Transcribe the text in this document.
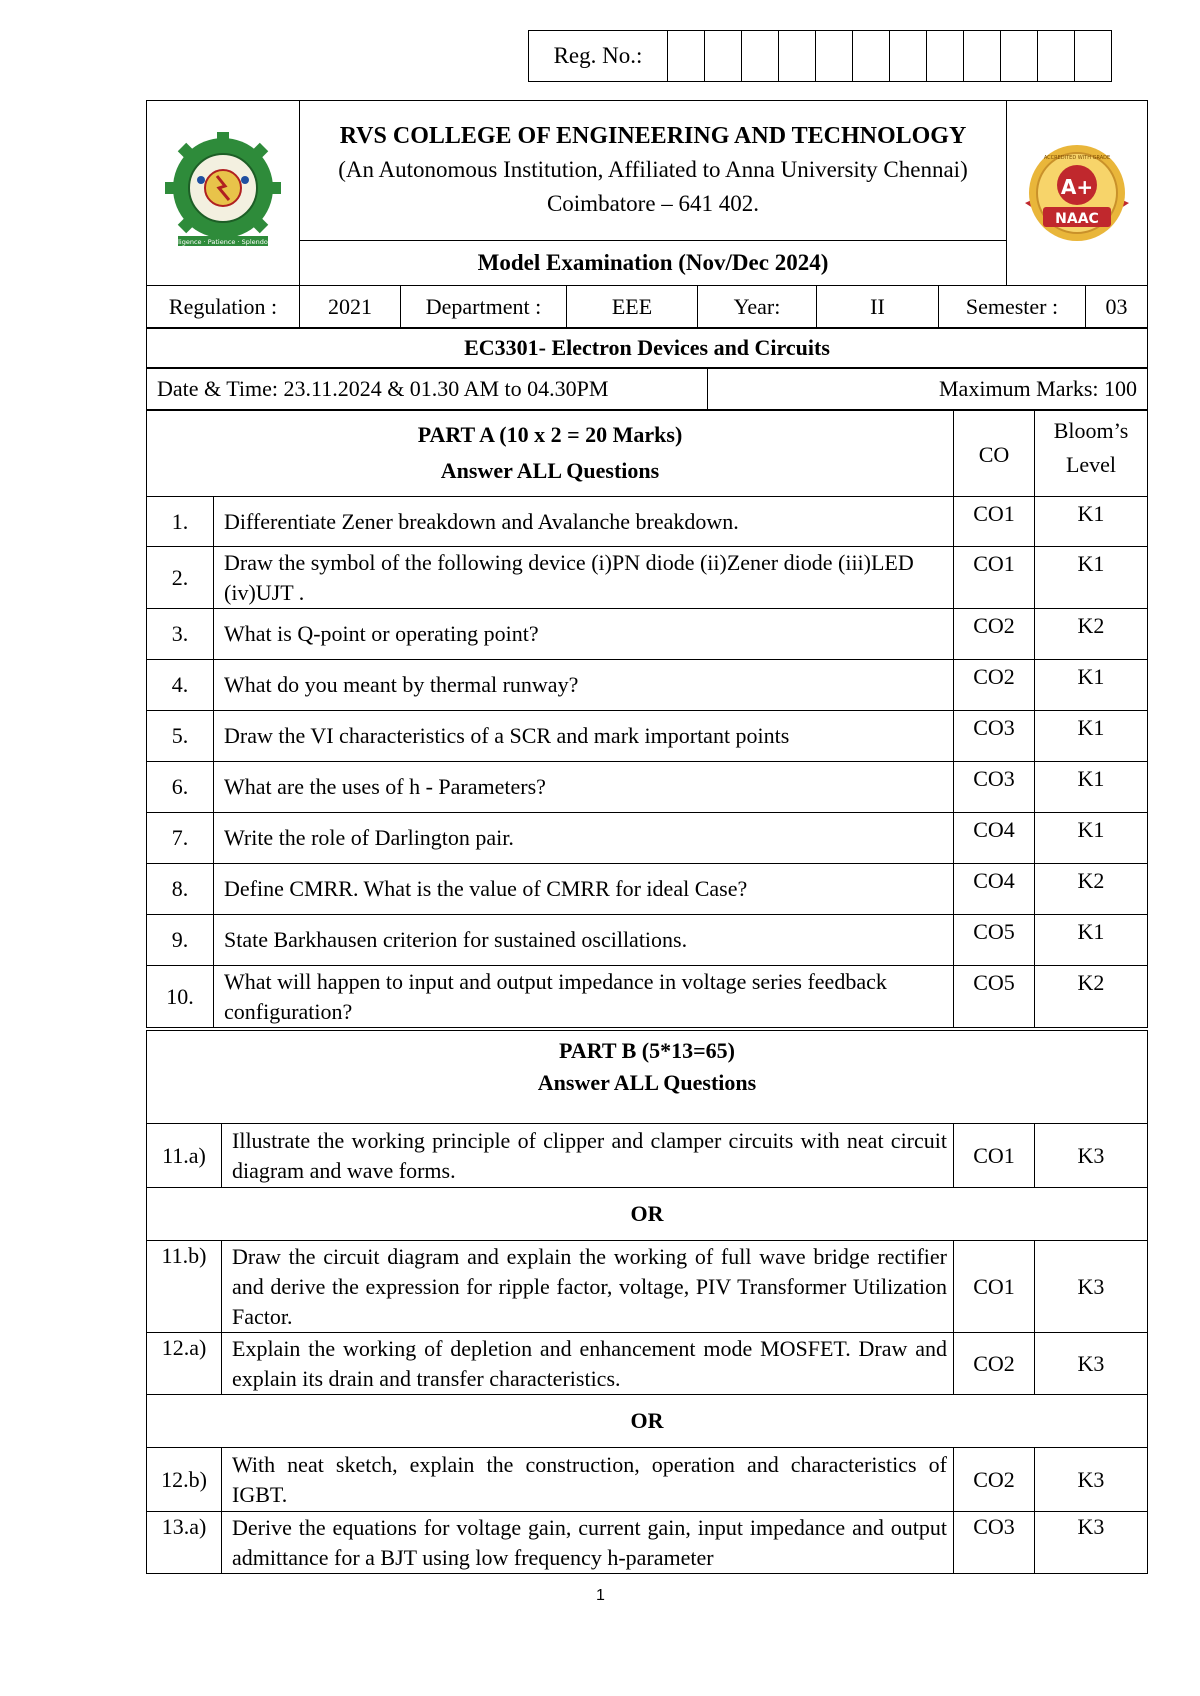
Reg. No.:												
Diligence · Patience · Splendour

RVS COLLEGE OF ENGINEERING AND TECHNOLOGY
(An Autonomous Institution, Affiliated to Anna University Chennai)
Coimbatore – 641 402.

A+
NAAC
ACCREDITED WITH GRADE

Model Examination (Nov/Dec 2024)
Regulation :	2021	Department :	EEE	Year:	II	Semester :	03
EC3301- Electron Devices and Circuits
Date & Time: 23.11.2024 & 01.30 AM to 04.30PM	Maximum Marks: 100
PART A (10 x 2 = 20 Marks)
Answer ALL Questions		CO	Bloom’s Level
1.	Differentiate Zener breakdown and Avalanche breakdown.	CO1	K1
2.	Draw the symbol of the following device (i)PN diode (ii)Zener diode (iii)LED (iv)UJT .	CO1	K1
3.	What is Q-point or operating point?	CO2	K2
4.	What do you meant by thermal runway?	CO2	K1
5.	Draw the VI characteristics of a SCR and mark important points	CO3	K1
6.	What are the uses of h - Parameters?	CO3	K1
7.	Write the role of Darlington pair.	CO4	K1
8.	Define CMRR. What is the value of CMRR for ideal Case?	CO4	K2
9.	State Barkhausen criterion for sustained oscillations.	CO5	K1
10.	What will happen to input and output impedance in voltage series feedback configuration?	CO5	K2
PART B (5*13=65)
Answer ALL Questions			

11.a)	Illustrate the working principle of clipper and clamper circuits with neat circuit diagram and wave forms.	CO1	K3
OR			
11.b)	Draw the circuit diagram and explain the working of full wave bridge rectifier and derive the expression for ripple factor, voltage, PIV Transformer Utilization Factor.	CO1	K3
12.a)	Explain the working of depletion and enhancement mode MOSFET. Draw and explain its drain and transfer characteristics.	CO2	K3
OR			
12.b)	With neat sketch, explain the construction, operation and characteristics of IGBT.	CO2	K3
13.a)	Derive the equations for voltage gain, current gain, input impedance and output admittance for a BJT using low frequency h-parameter	CO3	K3
1
